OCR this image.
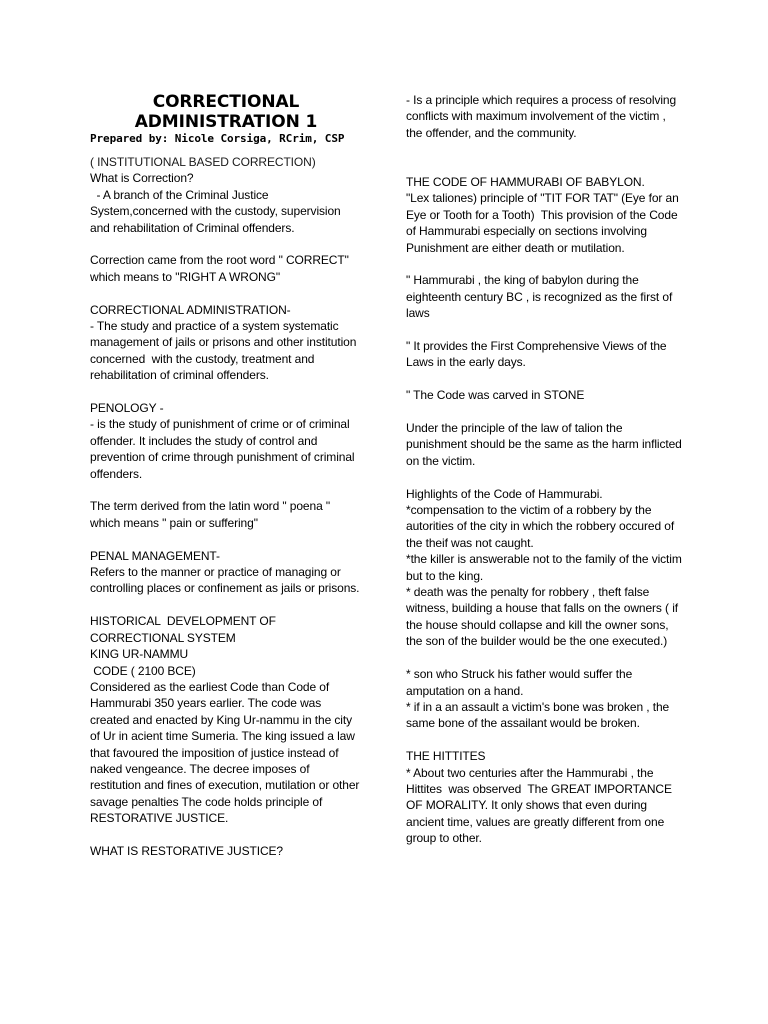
CORRECTIONAL
ADMINISTRATION 1

Prepared by: Nicole Corsiga, RCrim, CSP

( INSTITUTIONAL BASED CORRECTION)

What is Correction?
- A branch of the Criminal Justice System,concerned with the custody, supervision and rehabilitation of Criminal offenders.

Correction came from the root word " CORRECT" which means to "RIGHT A WRONG"

CORRECTIONAL ADMINISTRATION-
- The study and practice of a system systematic management of jails or prisons and other institution concerned  with the custody, treatment and rehabilitation of criminal offenders.

PENOLOGY -
- is the study of punishment of crime or of criminal offender. It includes the study of control and prevention of crime through punishment of criminal offenders.

The term derived from the latin word " poena " which means " pain or suffering"

PENAL MANAGEMENT-
Refers to the manner or practice of managing or controlling places or confinement as jails or prisons.

HISTORICAL  DEVELOPMENT OF CORRECTIONAL SYSTEM
KING UR-NAMMU
CODE ( 2100 BCE)
Considered as the earliest Code than Code of Hammurabi 350 years earlier. The code was created and enacted by King Ur-nammu in the city of Ur in acient time Sumeria. The king issued a law that favoured the imposition of justice instead of naked vengeance. The decree imposes of restitution and fines of execution, mutilation or other savage penalties The code holds principle of RESTORATIVE JUSTICE.

WHAT IS RESTORATIVE JUSTICE?

- Is a principle which requires a process of resolving conflicts with maximum involvement of the victim , the offender, and the community.

THE CODE OF HAMMURABI OF BABYLON.
"Lex taliones) principle of "TIT FOR TAT" (Eye for an Eye or Tooth for a Tooth)  This provision of the Code of Hammurabi especially on sections involving Punishment are either death or mutilation.

" Hammurabi , the king of babylon during the eighteenth century BC , is recognized as the first of laws

" It provides the First Comprehensive Views of the Laws in the early days.

" The Code was carved in STONE

Under the principle of the law of talion the punishment should be the same as the harm inflicted on the victim.

Highlights of the Code of Hammurabi.
*compensation to the victim of a robbery by the autorities of the city in which the robbery occured of the theif was not caught.
*the killer is answerable not to the family of the victim but to the king.
* death was the penalty for robbery , theft false witness, building a house that falls on the owners ( if the house should collapse and kill the owner sons, the son of the builder would be the one executed.)

* son who Struck his father would suffer the amputation on a hand.
* if in a an assault a victim's bone was broken , the same bone of the assailant would be broken.

THE HITTITES
* About two centuries after the Hammurabi , the Hittites  was observed  The GREAT IMPORTANCE OF MORALITY. It only shows that even during ancient time, values are greatly different from one group to other.
